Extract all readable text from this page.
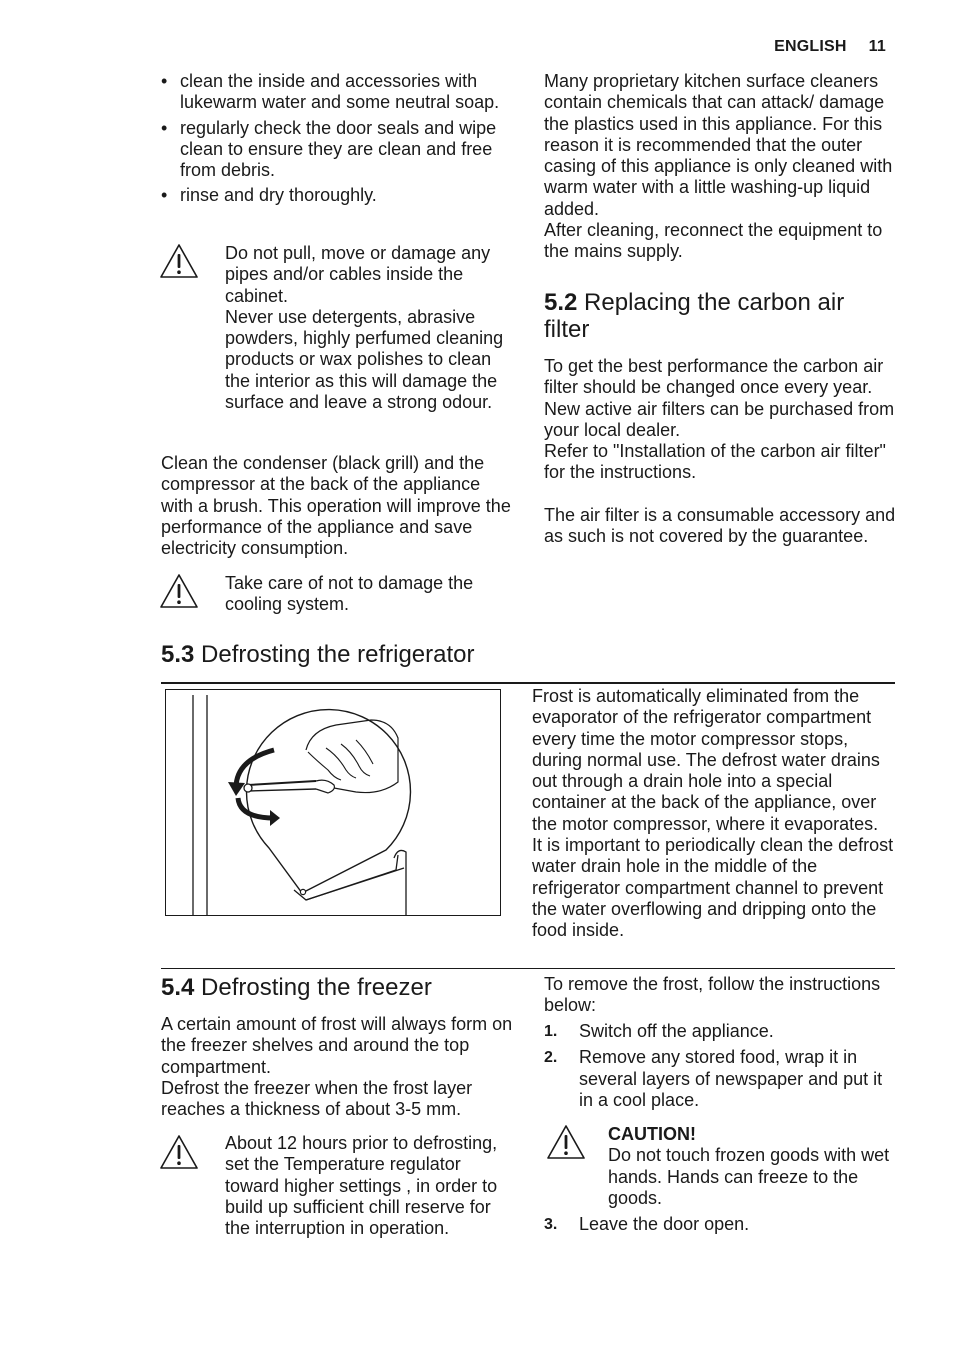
ENGLISH 11
• clean the inside and accessories with lukewarm water and some neutral soap.
• regularly check the door seals and wipe clean to ensure they are clean and free from debris.
• rinse and dry thoroughly.
Do not pull, move or damage any pipes and/or cables inside the cabinet.
Never use detergents, abrasive powders, highly perfumed cleaning products or wax polishes to clean the interior as this will damage the surface and leave a strong odour.
Clean the condenser (black grill) and the compressor at the back of the appliance with a brush. This operation will improve the performance of the appliance and save electricity consumption.
Take care of not to damage the cooling system.
Many proprietary kitchen surface cleaners contain chemicals that can attack/ damage the plastics used in this appliance. For this reason it is recommended that the outer casing of this appliance is only cleaned with warm water with a little washing-up liquid added.
After cleaning, reconnect the equipment to the mains supply.
5.2 Replacing the carbon air filter
To get the best performance the carbon air filter should be changed once every year.
New active air filters can be purchased from your local dealer.
Refer to "Installation of the carbon air filter" for the instructions.
The air filter is a consumable accessory and as such is not covered by the guarantee.
5.3 Defrosting the refrigerator
Frost is automatically eliminated from the evaporator of the refrigerator compartment every time the motor compressor stops, during normal use. The defrost water drains out through a drain hole into a special container at the back of the appliance, over the motor compressor, where it evaporates.
It is important to periodically clean the defrost water drain hole in the middle of the refrigerator compartment channel to prevent the water overflowing and dripping onto the food inside.
5.4 Defrosting the freezer
A certain amount of frost will always form on the freezer shelves and around the top compartment.
Defrost the freezer when the frost layer reaches a thickness of about 3-5 mm.
About 12 hours prior to defrosting, set the Temperature regulator toward higher settings , in order to build up sufficient chill reserve for the interruption in operation.
To remove the frost, follow the instructions below:
1. Switch off the appliance.
2. Remove any stored food, wrap it in several layers of newspaper and put it in a cool place.
CAUTION!
Do not touch frozen goods with wet hands. Hands can freeze to the goods.
3. Leave the door open.
